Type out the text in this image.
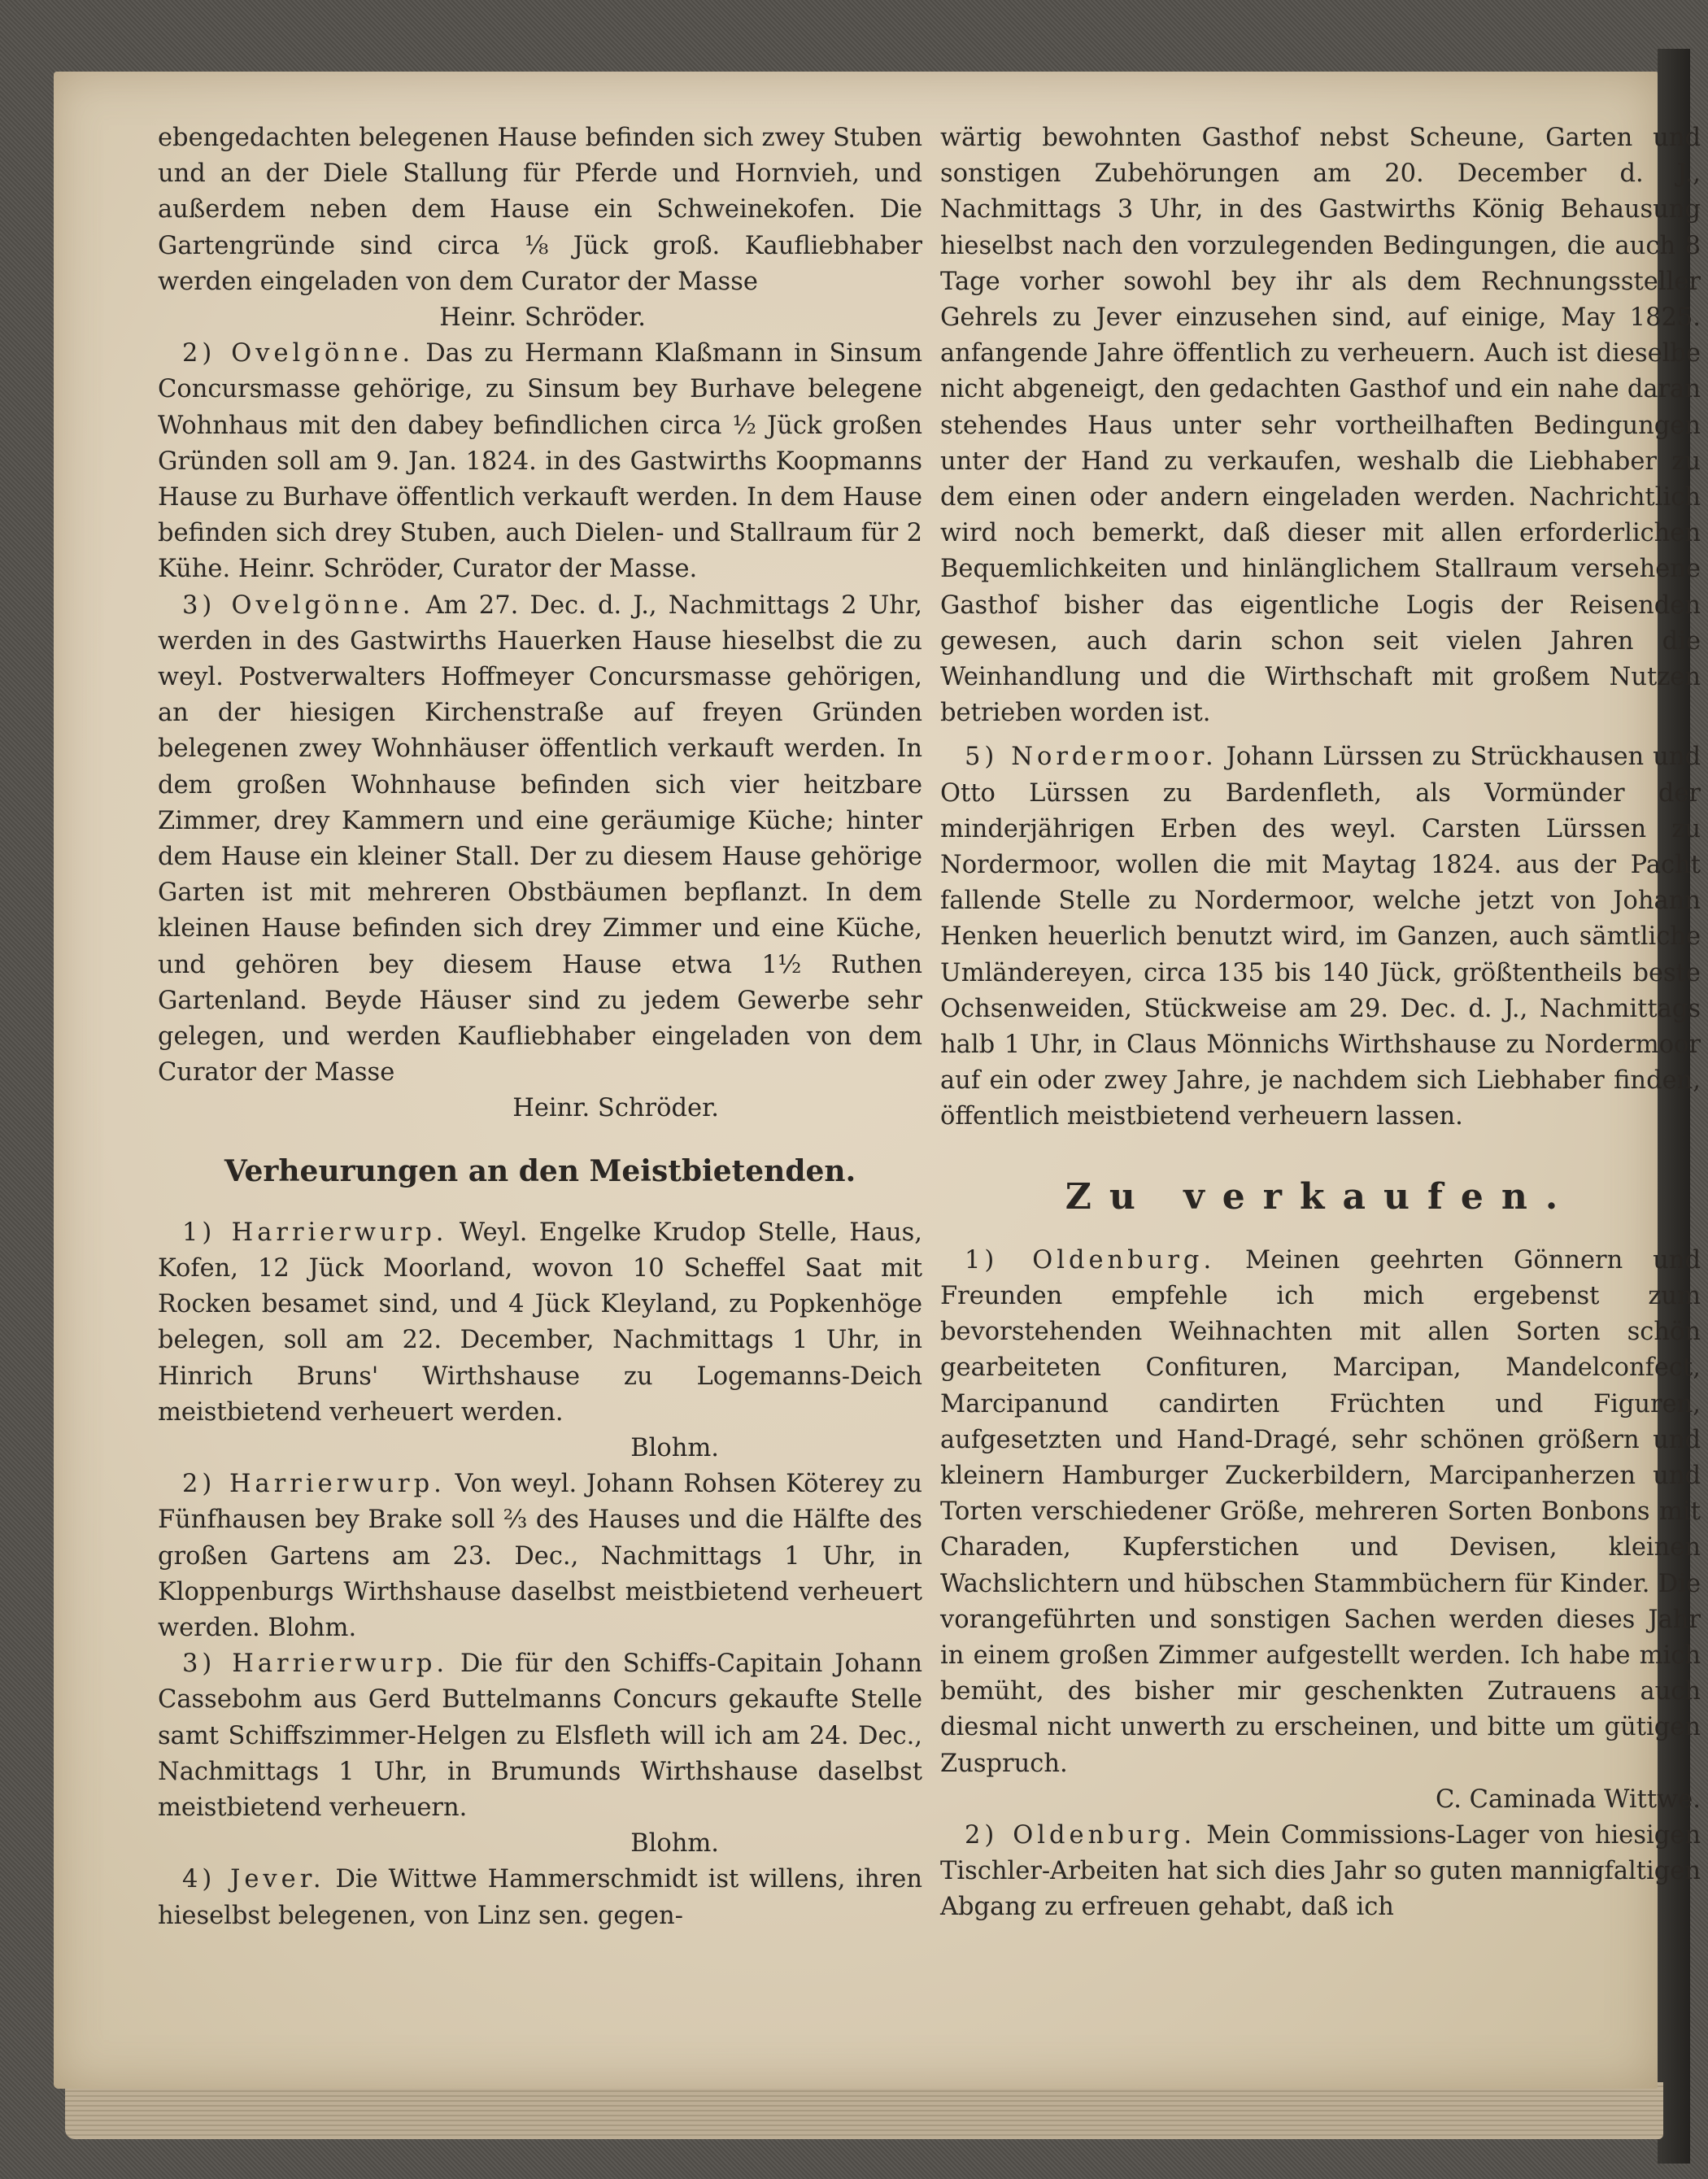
ebengedachten belegenen Hause befinden sich zwey Stuben und an der Diele Stallung für Pferde und Hornvieh, und außerdem neben dem Hause ein Schweinekofen. Die Gartengründe sind circa ⅛ Jück groß. Kaufliebhaber werden eingeladen von dem Curator der Masse

Heinr. Schröder.

2) Ovelgönne. Das zu Hermann Klaßmann in Sinsum Concursmasse gehörige, zu Sinsum bey Burhave belegene Wohnhaus mit den dabey befindlichen circa ½ Jück großen Gründen soll am 9. Jan. 1824. in des Gastwirths Koopmanns Hause zu Burhave öffentlich verkauft werden. In dem Hause befinden sich drey Stuben, auch Dielen- und Stallraum für 2 Kühe. Heinr. Schröder, Curator der Masse.

3) Ovelgönne. Am 27. Dec. d. J., Nachmittags 2 Uhr, werden in des Gastwirths Hauerken Hause hieselbst die zu weyl. Postverwalters Hoffmeyer Concursmasse gehörigen, an der hiesigen Kirchenstraße auf freyen Gründen belegenen zwey Wohnhäuser öffentlich verkauft werden. In dem großen Wohnhause befinden sich vier heitzbare Zimmer, drey Kammern und eine geräumige Küche; hinter dem Hause ein kleiner Stall. Der zu diesem Hause gehörige Garten ist mit mehreren Obstbäumen bepflanzt. In dem kleinen Hause befinden sich drey Zimmer und eine Küche, und gehören bey diesem Hause etwa 1½ Ruthen Gartenland. Beyde Häuser sind zu jedem Gewerbe sehr gelegen, und werden Kaufliebhaber eingeladen von dem Curator der Masse

Heinr. Schröder.

Verheurungen an den Meistbietenden.

1) Harrierwurp. Weyl. Engelke Krudop Stelle, Haus, Kofen, 12 Jück Moorland, wovon 10 Scheffel Saat mit Rocken besamet sind, und 4 Jück Kleyland, zu Popkenhöge belegen, soll am 22. December, Nachmittags 1 Uhr, in Hinrich Bruns' Wirthshause zu Logemanns-Deich meistbietend verheuert werden.

Blohm.

2) Harrierwurp. Von weyl. Johann Rohsen Köterey zu Fünfhausen bey Brake soll ⅔ des Hauses und die Hälfte des großen Gartens am 23. Dec., Nachmittags 1 Uhr, in Kloppenburgs Wirthshause daselbst meistbietend verheuert werden. Blohm.

3) Harrierwurp. Die für den Schiffs-Capitain Johann Cassebohm aus Gerd Buttelmanns Concurs gekaufte Stelle samt Schiffszimmer-Helgen zu Elsfleth will ich am 24. Dec., Nachmittags 1 Uhr, in Brumunds Wirthshause daselbst meistbietend verheuern.

Blohm.

4) Jever. Die Wittwe Hammerschmidt ist willens, ihren hieselbst belegenen, von Linz sen. gegen-

wärtig bewohnten Gasthof nebst Scheune, Garten und sonstigen Zubehörungen am 20. December d. J., Nachmittags 3 Uhr, in des Gastwirths König Behausung hieselbst nach den vorzulegenden Bedingungen, die auch 8 Tage vorher sowohl bey ihr als dem Rechnungssteller Gehrels zu Jever einzusehen sind, auf einige, May 1825. anfangende Jahre öffentlich zu verheuern. Auch ist dieselbe nicht abgeneigt, den gedachten Gasthof und ein nahe daran stehendes Haus unter sehr vortheilhaften Bedingungen unter der Hand zu verkaufen, weshalb die Liebhaber zu dem einen oder andern eingeladen werden. Nachrichtlich wird noch bemerkt, daß dieser mit allen erforderlichen Bequemlichkeiten und hinlänglichem Stallraum versehene Gasthof bisher das eigentliche Logis der Reisenden gewesen, auch darin schon seit vielen Jahren die Weinhandlung und die Wirthschaft mit großem Nutzen betrieben worden ist.

5) Nordermoor. Johann Lürssen zu Strückhausen und Otto Lürssen zu Bardenfleth, als Vormünder der minderjährigen Erben des weyl. Carsten Lürssen zu Nordermoor, wollen die mit Maytag 1824. aus der Pacht fallende Stelle zu Nordermoor, welche jetzt von Johann Henken heuerlich benutzt wird, im Ganzen, auch sämtliche Umländereyen, circa 135 bis 140 Jück, größtentheils beste Ochsenweiden, Stückweise am 29. Dec. d. J., Nachmittags halb 1 Uhr, in Claus Mönnichs Wirthshause zu Nordermoor auf ein oder zwey Jahre, je nachdem sich Liebhaber finden, öffentlich meistbietend verheuern lassen.

Zu verkaufen.

1) Oldenburg. Meinen geehrten Gönnern und Freunden empfehle ich mich ergebenst zum bevorstehenden Weihnachten mit allen Sorten schön gearbeiteten Confituren, Marcipan, Mandelconfect, Marcipanund candirten Früchten und Figuren, aufgesetzten und Hand-Dragé, sehr schönen größern und kleinern Hamburger Zuckerbildern, Marcipanherzen und Torten verschiedener Größe, mehreren Sorten Bonbons mit Charaden, Kupferstichen und Devisen, kleinen Wachslichtern und hübschen Stammbüchern für Kinder. Die vorangeführten und sonstigen Sachen werden dieses Jahr in einem großen Zimmer aufgestellt werden. Ich habe mich bemüht, des bisher mir geschenkten Zutrauens auch diesmal nicht unwerth zu erscheinen, und bitte um gütigen Zuspruch.

C. Caminada Wittwe.

2) Oldenburg. Mein Commissions-Lager von hiesigen Tischler-Arbeiten hat sich dies Jahr so guten mannigfaltigen Abgang zu erfreuen gehabt, daß ich
